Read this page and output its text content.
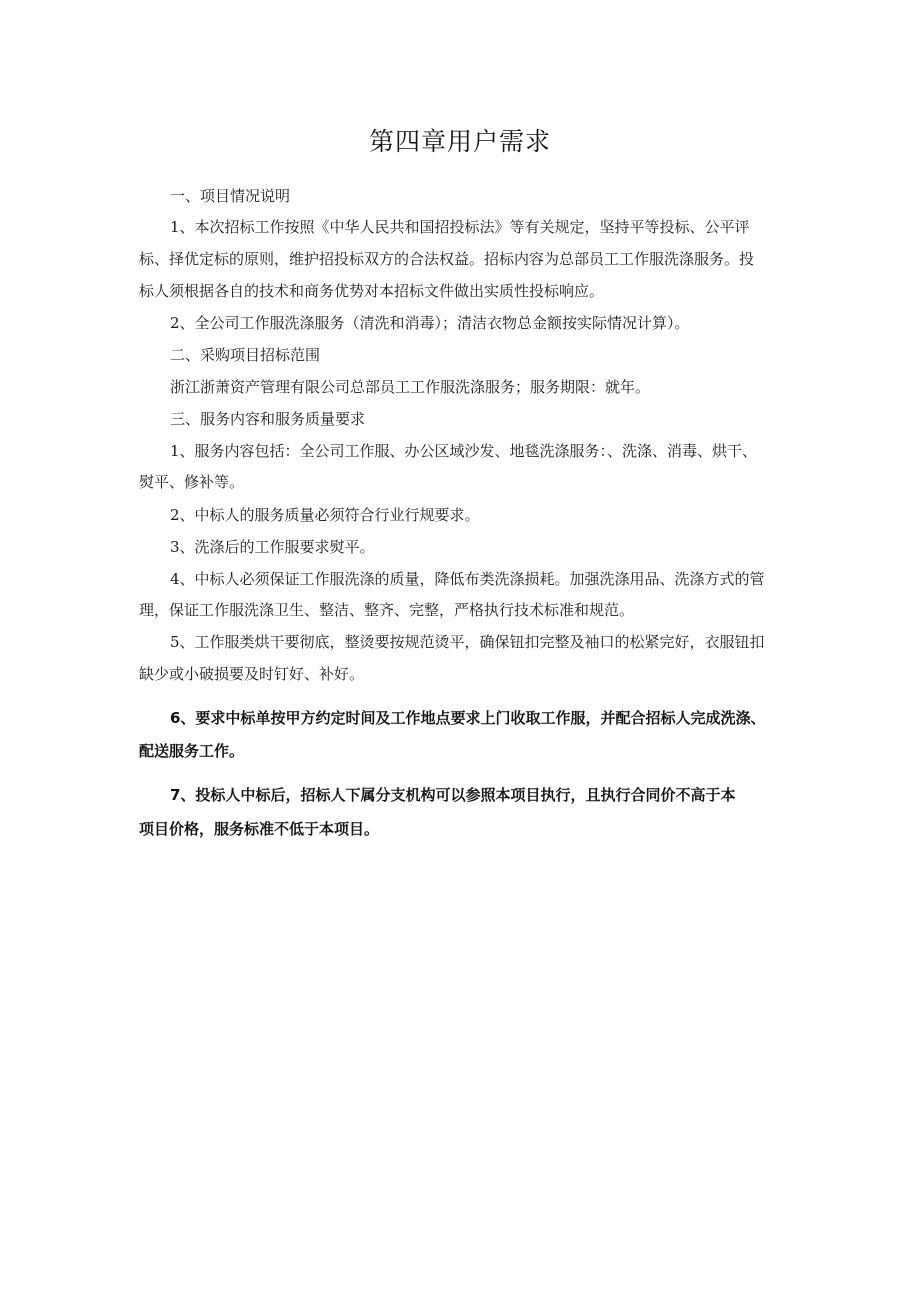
第四章用户需求
一、项目情况说明
1、本次招标工作按照《中华人民共和国招投标法》等有关规定，坚持平等投标、公平评
标、择优定标的原则，维护招投标双方的合法权益。招标内容为总部员工工作服洗涤服务。投
标人须根据各自的技术和商务优势对本招标文件做出实质性投标响应。
2、全公司工作服洗涤服务（清洗和消毒）；清洁衣物总金额按实际情况计算）。
二、采购项目招标范围
浙江浙萧资产管理有限公司总部员工工作服洗涤服务；服务期限：就年。
三、服务内容和服务质量要求
1、服务内容包括：全公司工作服、办公区域沙发、地毯洗涤服务：、洗涤、消毒、烘干、
熨平、修补等。
2、中标人的服务质量必须符合行业行规要求。
3、洗涤后的工作服要求熨平。
4、中标人必须保证工作服洗涤的质量，降低布类洗涤损耗。加强洗涤用品、洗涤方式的管
理，保证工作服洗涤卫生、整洁、整齐、完整，严格执行技术标准和规范。
5、工作服类烘干要彻底，整烫要按规范烫平，确保钮扣完整及袖口的松紧完好，衣服钮扣
缺少或小破损要及时钉好、补好。
6、要求中标单按甲方约定时间及工作地点要求上门收取工作服，并配合招标人完成洗涤、
配送服务工作。
7、投标人中标后，招标人下属分支机构可以参照本项目执行，且执行合同价不高于本
项目价格，服务标准不低于本项目。
